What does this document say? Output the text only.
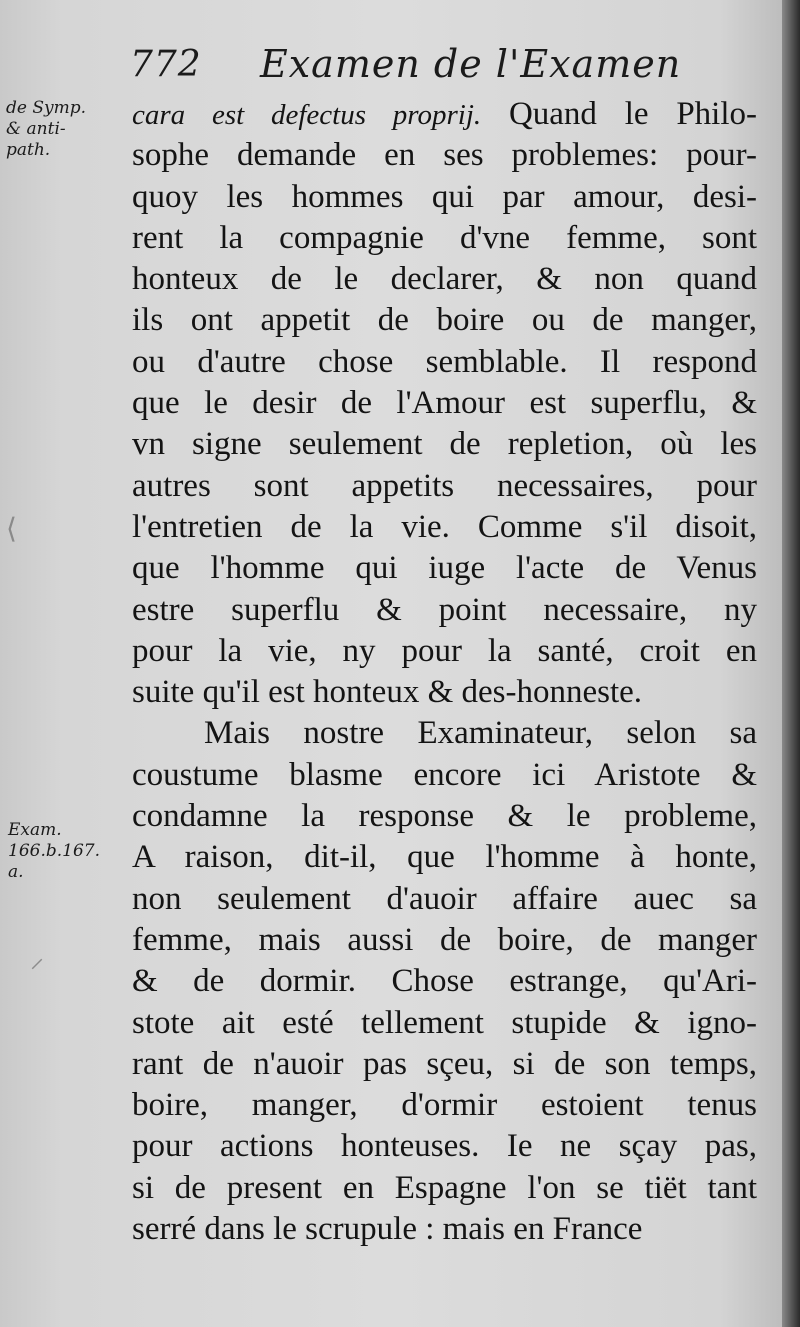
772 Examen de l'Examen
de Symp.
& anti-
path.
Exam.
166.b.167.
a.
cara est defectus proprij. Quand le Philo-
sophe demande en ses problemes: pour-
quoy les hommes qui par amour, desi-
rent la compagnie d'vne femme, sont
honteux de le declarer, & non quand
ils ont appetit de boire ou de manger,
ou d'autre chose semblable. Il respond
que le desir de l'Amour est superflu, &
vn signe seulement de repletion, où les
autres sont appetits necessaires, pour
l'entretien de la vie. Comme s'il disoit,
que l'homme qui iuge l'acte de Venus
estre superflu & point necessaire, ny
pour la vie, ny pour la santé, croit en
suite qu'il est honteux & des-honneste.
Mais nostre Examinateur, selon sa
coustume blasme encore ici Aristote &
condamne la response & le probleme,
A raison, dit-il, que l'homme à honte,
non seulement d'auoir affaire auec sa
femme, mais aussi de boire, de manger
& de dormir. Chose estrange, qu'Ari-
stote ait esté tellement stupide & igno-
rant de n'auoir pas sçeu, si de son temps,
boire, manger, d'ormir estoient tenus
pour actions honteuses. Ie ne sçay pas,
si de present en Espagne l'on se tiët tant
serré dans le scrupule : mais en France
⟨
⸝
